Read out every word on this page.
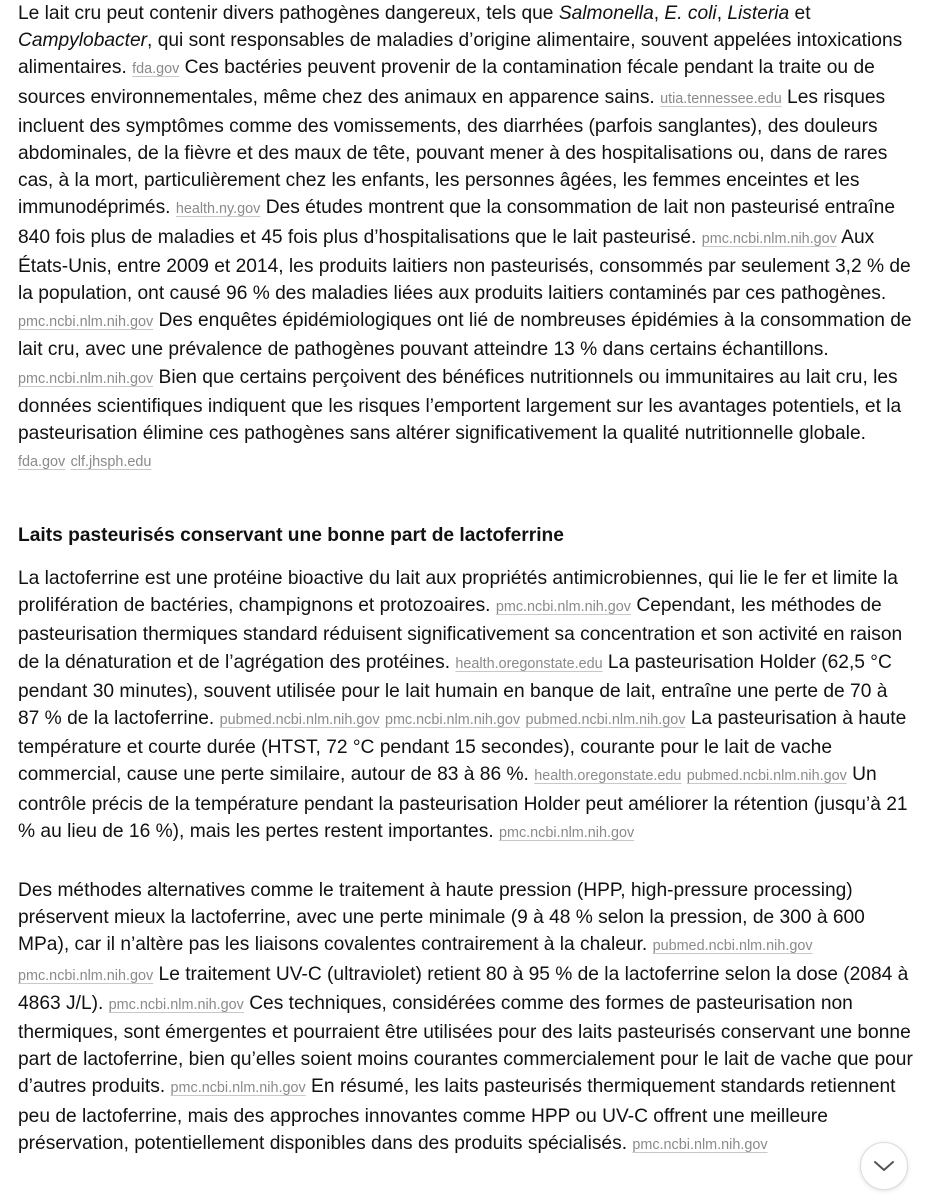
Le lait cru peut contenir divers pathogènes dangereux, tels que Salmonella, E. coli, Listeria et Campylobacter, qui sont responsables de maladies d’origine alimentaire, souvent appelées intoxications alimentaires. fda.gov Ces bactéries peuvent provenir de la contamination fécale pendant la traite ou de sources environnementales, même chez des animaux en apparence sains. utia.tennessee.edu Les risques incluent des symptômes comme des vomissements, des diarrhées (parfois sanglantes), des douleurs abdominales, de la fièvre et des maux de tête, pouvant mener à des hospitalisations ou, dans de rares cas, à la mort, particulièrement chez les enfants, les personnes âgées, les femmes enceintes et les immunodéprimés. health.ny.gov Des études montrent que la consommation de lait non pasteurisé entraîne 840 fois plus de maladies et 45 fois plus d’hospitalisations que le lait pasteurisé. pmc.ncbi.nlm.nih.gov Aux États-Unis, entre 2009 et 2014, les produits laitiers non pasteurisés, consommés par seulement 3,2 % de la population, ont causé 96 % des maladies liées aux produits laitiers contaminés par ces pathogènes. pmc.ncbi.nlm.nih.gov Des enquêtes épidémiologiques ont lié de nombreuses épidémies à la consommation de lait cru, avec une prévalence de pathogènes pouvant atteindre 13 % dans certains échantillons. pmc.ncbi.nlm.nih.gov Bien que certains perçoivent des bénéfices nutritionnels ou immunitaires au lait cru, les données scientifiques indiquent que les risques l’emportent largement sur les avantages potentiels, et la pasteurisation élimine ces pathogènes sans altérer significativement la qualité nutritionnelle globale. fda.gov clf.jhsph.edu

Laits pasteurisés conservant une bonne part de lactoferrine

La lactoferrine est une protéine bioactive du lait aux propriétés antimicrobiennes, qui lie le fer et limite la prolifération de bactéries, champignons et protozoaires. pmc.ncbi.nlm.nih.gov Cependant, les méthodes de pasteurisation thermiques standard réduisent significativement sa concentration et son activité en raison de la dénaturation et de l’agrégation des protéines. health.oregonstate.edu La pasteurisation Holder (62,5 °C pendant 30 minutes), souvent utilisée pour le lait humain en banque de lait, entraîne une perte de 70 à 87 % de la lactoferrine. pubmed.ncbi.nlm.nih.gov pmc.ncbi.nlm.nih.gov pubmed.ncbi.nlm.nih.gov La pasteurisation à haute température et courte durée (HTST, 72 °C pendant 15 secondes), courante pour le lait de vache commercial, cause une perte similaire, autour de 83 à 86 %. health.oregonstate.edu pubmed.ncbi.nlm.nih.gov Un contrôle précis de la température pendant la pasteurisation Holder peut améliorer la rétention (jusqu’à 21 % au lieu de 16 %), mais les pertes restent importantes. pmc.ncbi.nlm.nih.gov

Des méthodes alternatives comme le traitement à haute pression (HPP, high-pressure processing) préservent mieux la lactoferrine, avec une perte minimale (9 à 48 % selon la pression, de 300 à 600 MPa), car il n’altère pas les liaisons covalentes contrairement à la chaleur. pubmed.ncbi.nlm.nih.gov pmc.ncbi.nlm.nih.gov Le traitement UV-C (ultraviolet) retient 80 à 95 % de la lactoferrine selon la dose (2084 à 4863 J/L). pmc.ncbi.nlm.nih.gov Ces techniques, considérées comme des formes de pasteurisation non thermiques, sont émergentes et pourraient être utilisées pour des laits pasteurisés conservant une bonne part de lactoferrine, bien qu’elles soient moins courantes commercialement pour le lait de vache que pour d’autres produits. pmc.ncbi.nlm.nih.gov En résumé, les laits pasteurisés thermiquement standards retiennent peu de lactoferrine, mais des approches innovantes comme HPP ou UV-C offrent une meilleure préservation, potentiellement disponibles dans des produits spécialisés. pmc.ncbi.nlm.nih.gov
